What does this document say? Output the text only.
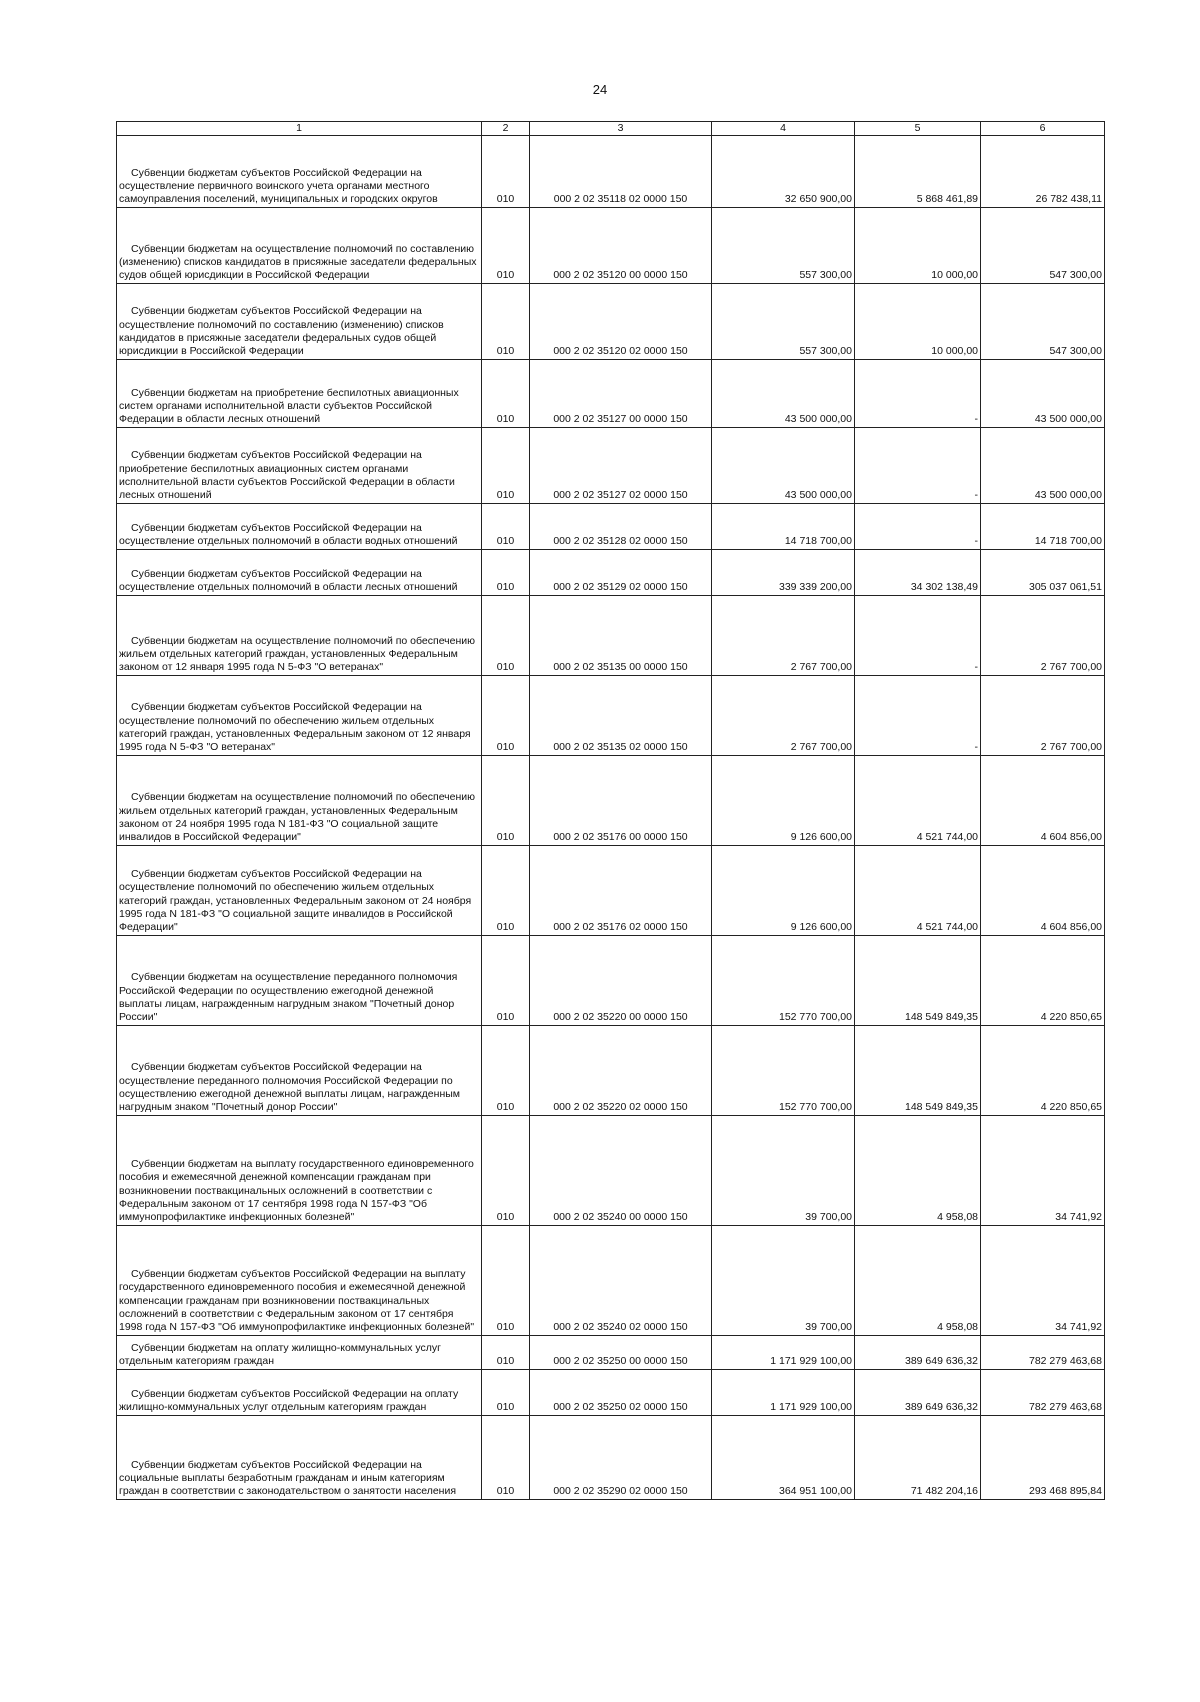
24
1	2	3	4	5	6
Субвенции бюджетам субъектов Российской Федерации на осуществление первичного воинского учета органами местного самоуправления поселений, муниципальных и городских округов	010	000 2 02 35118 02 0000 150	32 650 900,00	5 868 461,89	26 782 438,11
Субвенции бюджетам на осуществление полномочий по составлению (изменению) списков кандидатов в присяжные заседатели федеральных судов общей юрисдикции в Российской Федерации	010	000 2 02 35120 00 0000 150	557 300,00	10 000,00	547 300,00
Субвенции бюджетам субъектов Российской Федерации на осуществление полномочий по составлению (изменению) списков кандидатов в присяжные заседатели федеральных судов общей юрисдикции в Российской Федерации	010	000 2 02 35120 02 0000 150	557 300,00	10 000,00	547 300,00
Субвенции бюджетам на приобретение беспилотных авиационных систем органами исполнительной власти субъектов Российской Федерации в области лесных отношений	010	000 2 02 35127 00 0000 150	43 500 000,00	-	43 500 000,00
Субвенции бюджетам субъектов Российской Федерации на приобретение беспилотных авиационных систем органами исполнительной власти субъектов Российской Федерации в области лесных отношений	010	000 2 02 35127 02 0000 150	43 500 000,00	-	43 500 000,00
Субвенции бюджетам субъектов Российской Федерации на осуществление отдельных полномочий в области водных отношений	010	000 2 02 35128 02 0000 150	14 718 700,00	-	14 718 700,00
Субвенции бюджетам субъектов Российской Федерации на осуществление отдельных полномочий в области лесных отношений	010	000 2 02 35129 02 0000 150	339 339 200,00	34 302 138,49	305 037 061,51
Субвенции бюджетам на осуществление полномочий по обеспечению жильем отдельных категорий граждан, установленных Федеральным законом от 12 января 1995 года N 5-ФЗ "О ветеранах"	010	000 2 02 35135 00 0000 150	2 767 700,00	-	2 767 700,00
Субвенции бюджетам субъектов Российской Федерации на осуществление полномочий по обеспечению жильем отдельных категорий граждан, установленных Федеральным законом от 12 января 1995 года N 5-ФЗ "О ветеранах"	010	000 2 02 35135 02 0000 150	2 767 700,00	-	2 767 700,00
Субвенции бюджетам на осуществление полномочий по обеспечению жильем отдельных категорий граждан, установленных Федеральным законом от 24 ноября 1995 года N 181-ФЗ "О социальной защите инвалидов в Российской Федерации"	010	000 2 02 35176 00 0000 150	9 126 600,00	4 521 744,00	4 604 856,00
Субвенции бюджетам субъектов Российской Федерации на осуществление полномочий по обеспечению жильем отдельных категорий граждан, установленных Федеральным законом от 24 ноября 1995 года N 181-ФЗ "О социальной защите инвалидов в Российской Федерации"	010	000 2 02 35176 02 0000 150	9 126 600,00	4 521 744,00	4 604 856,00
Субвенции бюджетам на осуществление переданного полномочия Российской Федерации по осуществлению ежегодной денежной выплаты лицам, награжденным нагрудным знаком "Почетный донор России"	010	000 2 02 35220 00 0000 150	152 770 700,00	148 549 849,35	4 220 850,65
Субвенции бюджетам субъектов Российской Федерации на осуществление переданного полномочия Российской Федерации по осуществлению ежегодной денежной выплаты лицам, награжденным нагрудным знаком "Почетный донор России"	010	000 2 02 35220 02 0000 150	152 770 700,00	148 549 849,35	4 220 850,65
Субвенции бюджетам на выплату государственного единовременного пособия и ежемесячной денежной компенсации гражданам при возникновении поствакцинальных осложнений в соответствии с Федеральным законом от 17 сентября 1998 года N 157-ФЗ "Об иммунопрофилактике инфекционных болезней"	010	000 2 02 35240 00 0000 150	39 700,00	4 958,08	34 741,92
Субвенции бюджетам субъектов Российской Федерации на выплату государственного единовременного пособия и ежемесячной денежной компенсации гражданам при возникновении поствакцинальных осложнений в соответствии с Федеральным законом от 17 сентября 1998 года N 157-ФЗ "Об иммунопрофилактике инфекционных болезней"	010	000 2 02 35240 02 0000 150	39 700,00	4 958,08	34 741,92
Субвенции бюджетам на оплату жилищно-коммунальных услуг отдельным категориям граждан	010	000 2 02 35250 00 0000 150	1 171 929 100,00	389 649 636,32	782 279 463,68
Субвенции бюджетам субъектов Российской Федерации на оплату жилищно-коммунальных услуг отдельным категориям граждан	010	000 2 02 35250 02 0000 150	1 171 929 100,00	389 649 636,32	782 279 463,68
Субвенции бюджетам субъектов Российской Федерации на социальные выплаты безработным гражданам и иным категориям граждан в соответствии с законодательством о занятости населения	010	000 2 02 35290 02 0000 150	364 951 100,00	71 482 204,16	293 468 895,84
